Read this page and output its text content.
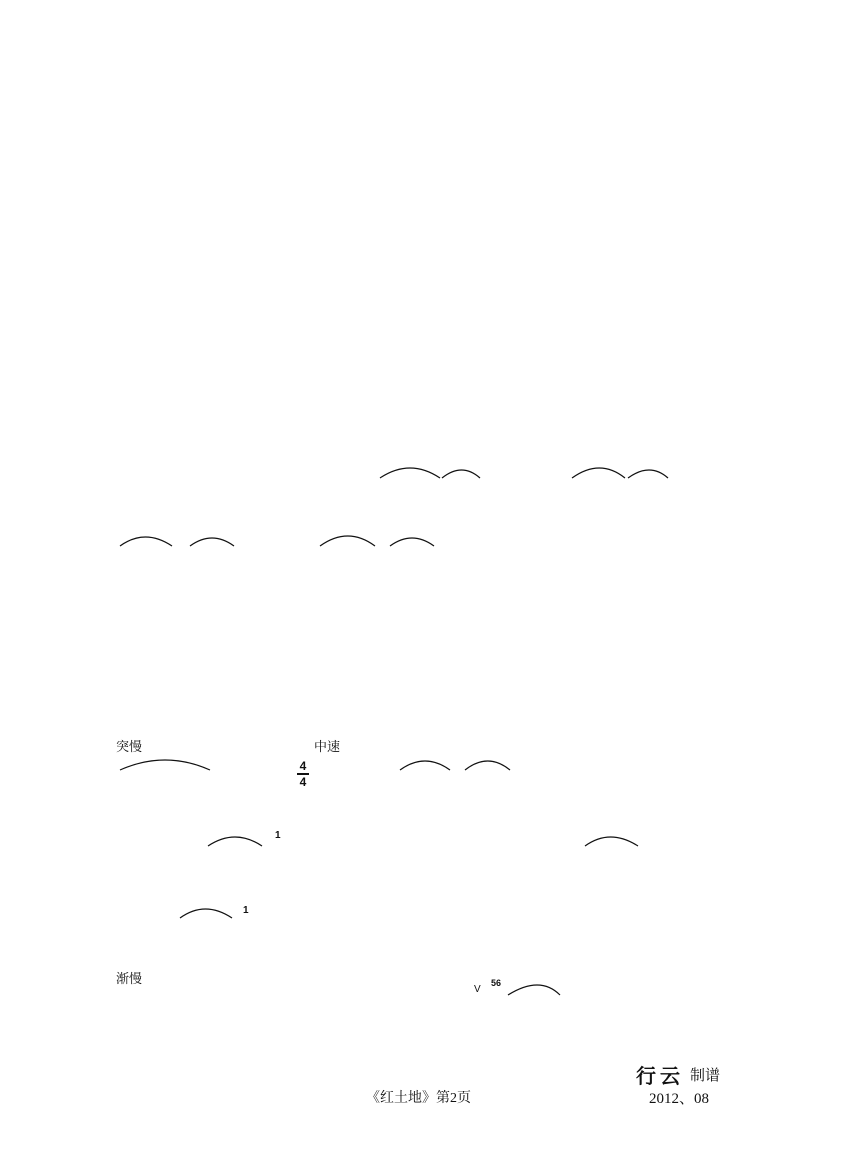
突慢	中速
渐慢
4
4
1
1
56
V
行云 制谱
《红土地》第2页	2012、08
